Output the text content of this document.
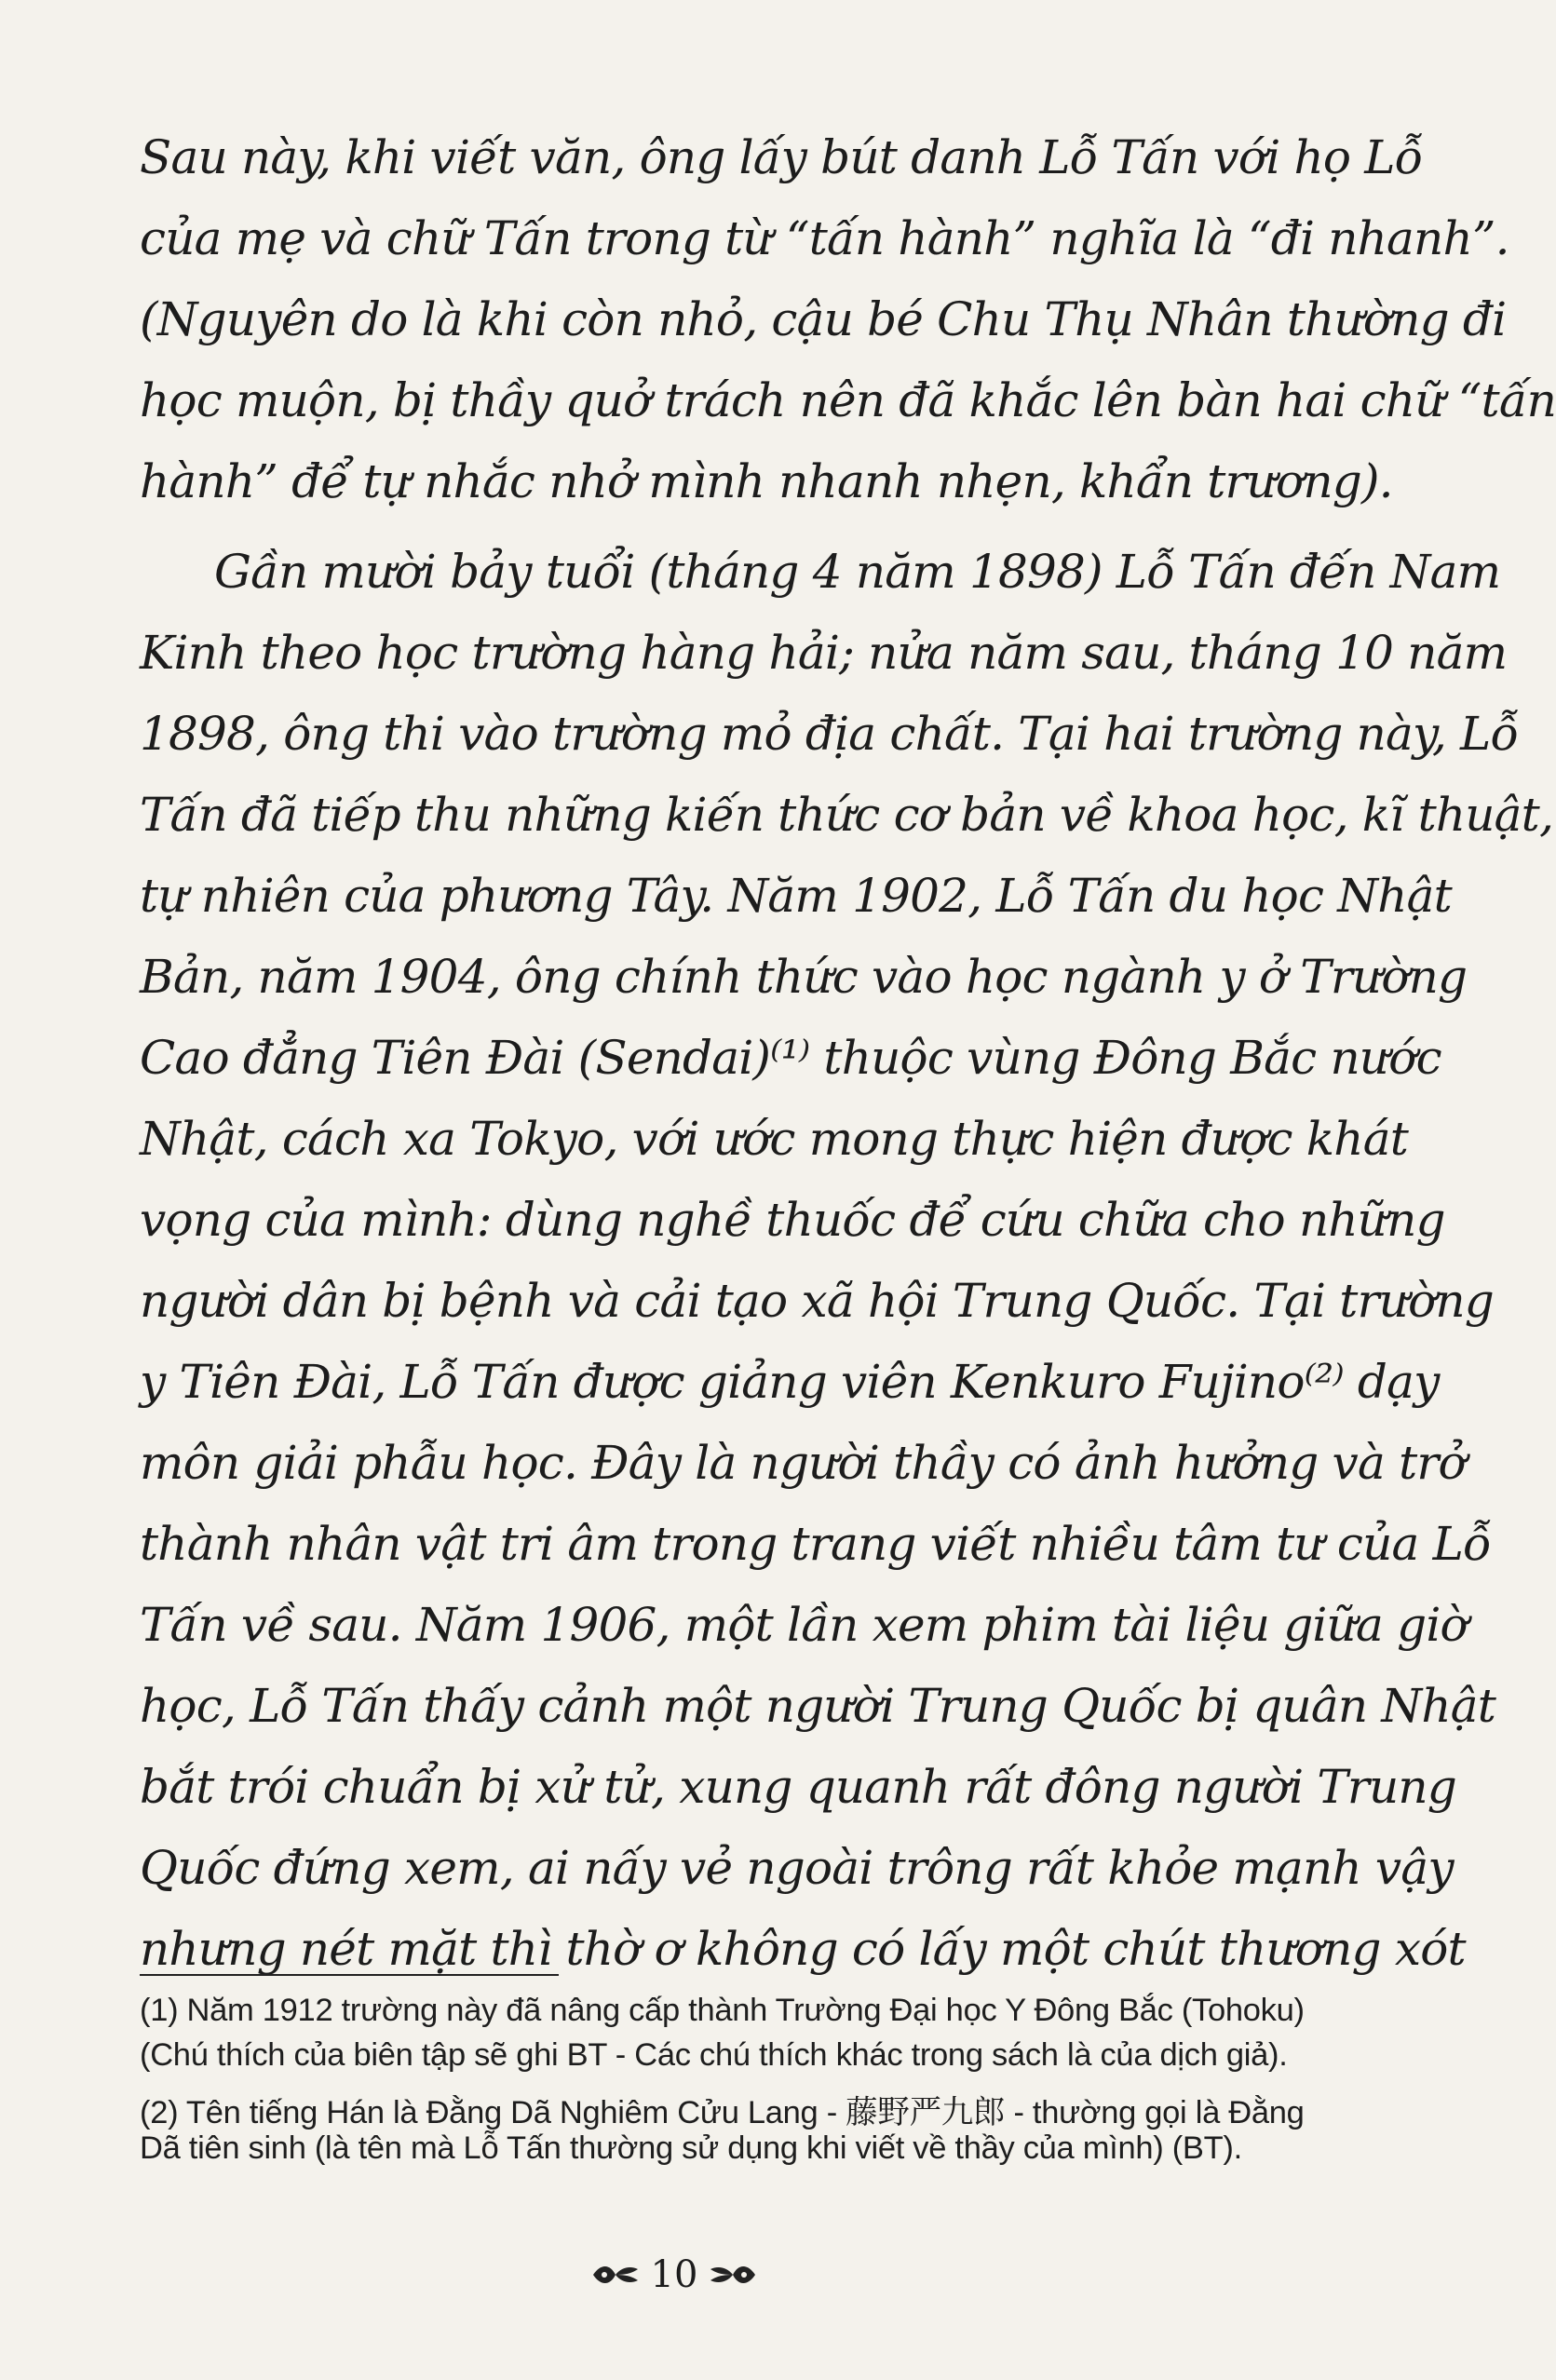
Sau này, khi viết văn, ông lấy bút danh Lỗ Tấn với họ Lỗ
của mẹ và chữ Tấn trong từ “tấn hành” nghĩa là “đi nhanh”.
(Nguyên do là khi còn nhỏ, cậu bé Chu Thụ Nhân thường đi
học muộn, bị thầy quở trách nên đã khắc lên bàn hai chữ “tấn
hành” để tự nhắc nhở mình nhanh nhẹn, khẩn trương).
Gần mười bảy tuổi (tháng 4 năm 1898) Lỗ Tấn đến Nam
Kinh theo học trường hàng hải; nửa năm sau, tháng 10 năm
1898, ông thi vào trường mỏ địa chất. Tại hai trường này, Lỗ
Tấn đã tiếp thu những kiến thức cơ bản về khoa học, kĩ thuật,
tự nhiên của phương Tây. Năm 1902, Lỗ Tấn du học Nhật
Bản, năm 1904, ông chính thức vào học ngành y ở Trường
Cao đẳng Tiên Đài (Sendai)⁽¹⁾ thuộc vùng Đông Bắc nước
Nhật, cách xa Tokyo, với ước mong thực hiện được khát
vọng của mình: dùng nghề thuốc để cứu chữa cho những
người dân bị bệnh và cải tạo xã hội Trung Quốc. Tại trường
y Tiên Đài, Lỗ Tấn được giảng viên Kenkuro Fujino⁽²⁾ dạy
môn giải phẫu học. Đây là người thầy có ảnh hưởng và trở
thành nhân vật tri âm trong trang viết nhiều tâm tư của Lỗ
Tấn về sau. Năm 1906, một lần xem phim tài liệu giữa giờ
học, Lỗ Tấn thấy cảnh một người Trung Quốc bị quân Nhật
bắt trói chuẩn bị xử tử, xung quanh rất đông người Trung
Quốc đứng xem, ai nấy vẻ ngoài trông rất khỏe mạnh vậy
nhưng nét mặt thì thờ ơ không có lấy một chút thương xót
(1) Năm 1912 trường này đã nâng cấp thành Trường Đại học Y Đông Bắc (Tohoku)
(Chú thích của biên tập sẽ ghi BT - Các chú thích khác trong sách là của dịch giả).
(2) Tên tiếng Hán là Đằng Dã Nghiêm Cửu Lang - 藤野严九郎 - thường gọi là Đằng
Dã tiên sinh (là tên mà Lỗ Tấn thường sử dụng khi viết về thầy của mình) (BT).
10
